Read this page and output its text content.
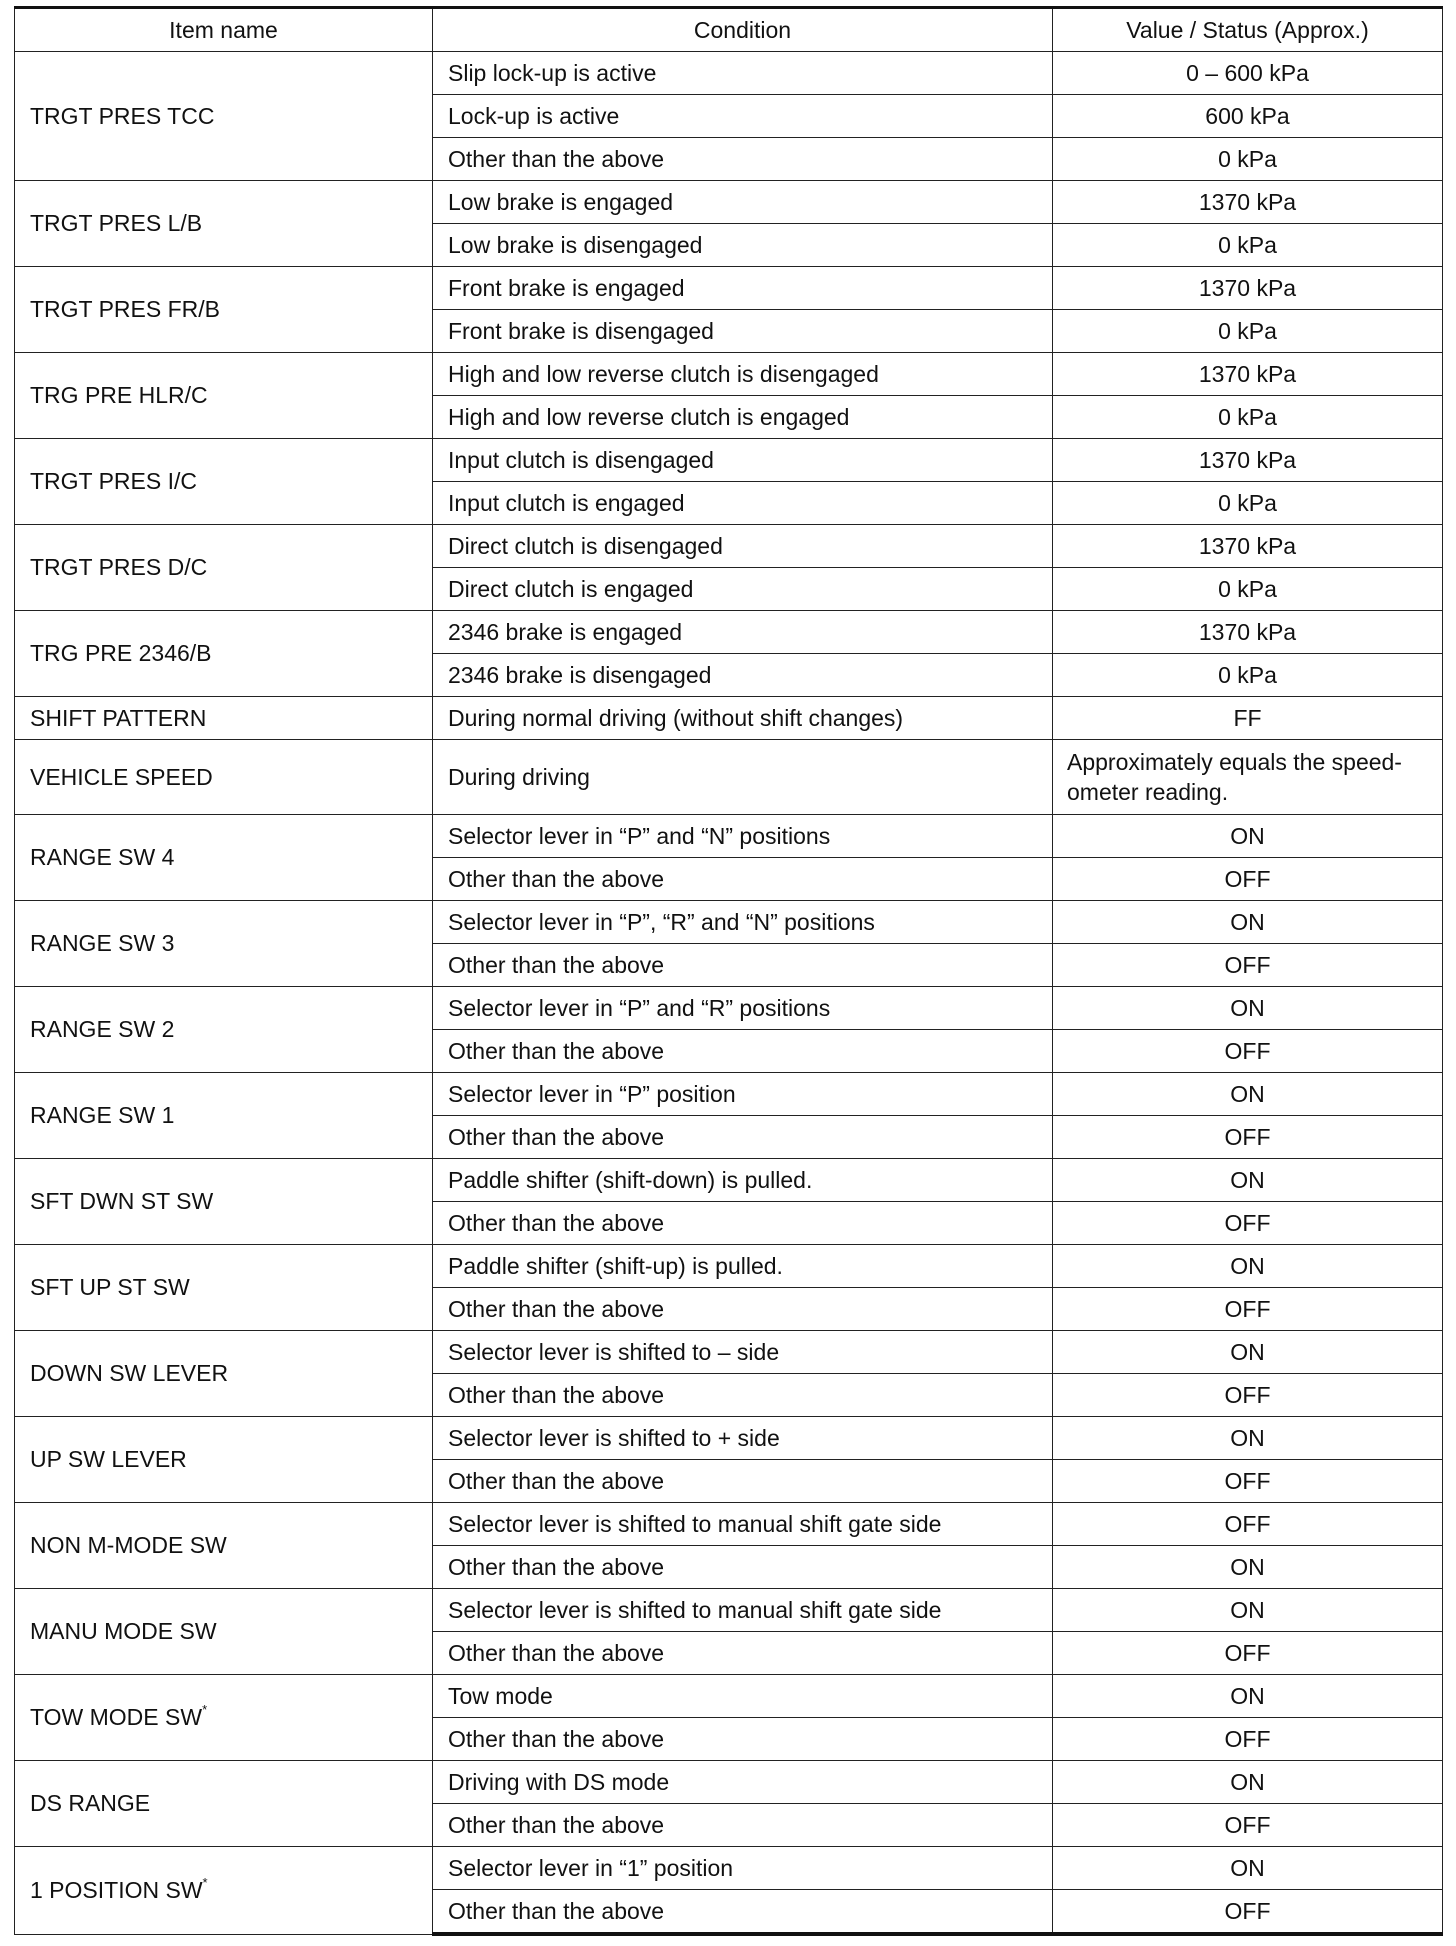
Item name	Condition	Value / Status (Approx.)
TRGT PRES TCC	Slip lock-up is active	0 – 600 kPa
	Lock-up is active	600 kPa
	Other than the above	0 kPa
TRGT PRES L/B	Low brake is engaged	1370 kPa
	Low brake is disengaged	0 kPa
TRGT PRES FR/B	Front brake is engaged	1370 kPa
	Front brake is disengaged	0 kPa
TRG PRE HLR/C	High and low reverse clutch is disengaged	1370 kPa
	High and low reverse clutch is engaged	0 kPa
TRGT PRES I/C	Input clutch is disengaged	1370 kPa
	Input clutch is engaged	0 kPa
TRGT PRES D/C	Direct clutch is disengaged	1370 kPa
	Direct clutch is engaged	0 kPa
TRG PRE 2346/B	2346 brake is engaged	1370 kPa
	2346 brake is disengaged	0 kPa
SHIFT PATTERN	During normal driving (without shift changes)	FF
VEHICLE SPEED	During driving	Approximately equals the speed-ometer reading.
RANGE SW 4	Selector lever in “P” and “N” positions	ON
	Other than the above	OFF
RANGE SW 3	Selector lever in “P”, “R” and “N” positions	ON
	Other than the above	OFF
RANGE SW 2	Selector lever in “P” and “R” positions	ON
	Other than the above	OFF
RANGE SW 1	Selector lever in “P” position	ON
	Other than the above	OFF
SFT DWN ST SW	Paddle shifter (shift-down) is pulled.	ON
	Other than the above	OFF
SFT UP ST SW	Paddle shifter (shift-up) is pulled.	ON
	Other than the above	OFF
DOWN SW LEVER	Selector lever is shifted to – side	ON
	Other than the above	OFF
UP SW LEVER	Selector lever is shifted to + side	ON
	Other than the above	OFF
NON M-MODE SW	Selector lever is shifted to manual shift gate side	OFF
	Other than the above	ON
MANU MODE SW	Selector lever is shifted to manual shift gate side	ON
	Other than the above	OFF
TOW MODE SW*	Tow mode	ON
	Other than the above	OFF
DS RANGE	Driving with DS mode	ON
	Other than the above	OFF
1 POSITION SW*	Selector lever in “1” position	ON
	Other than the above	OFF
